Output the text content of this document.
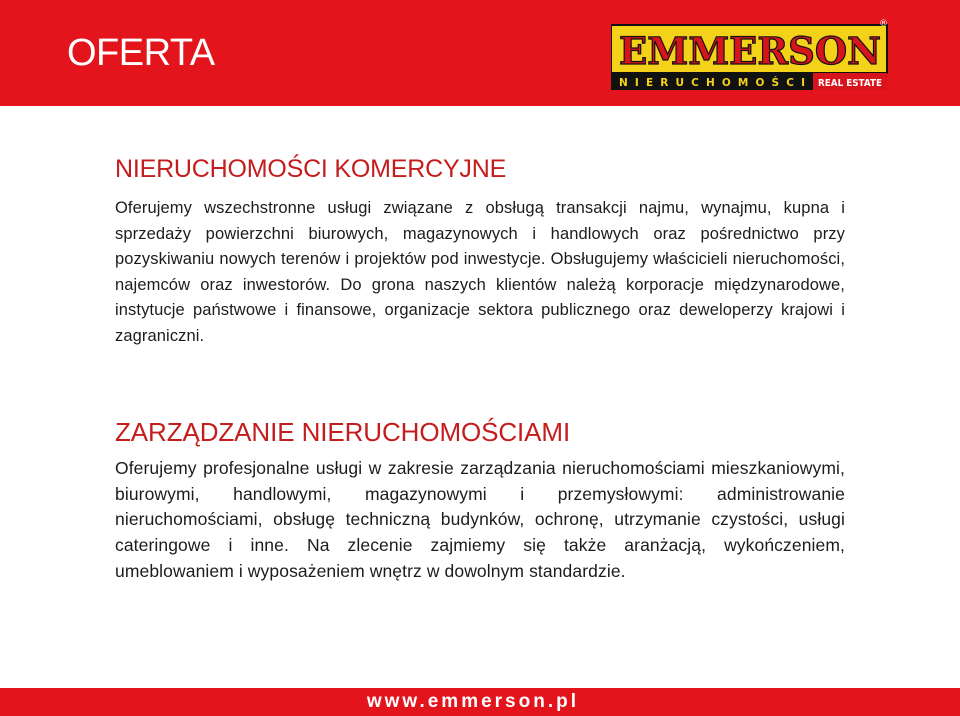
OFERTA	EMMERSON
NIERUCHOMOŚCI REAL ESTATE
®
NIERUCHOMOŚCI KOMERCYJNE

Oferujemy wszechstronne usługi związane z obsługą transakcji najmu, wynajmu, kupna i sprzedaży powierzchni biurowych, magazynowych i handlowych oraz pośrednictwo przy pozyskiwaniu nowych terenów i projektów pod inwestycje. Obsługujemy właścicieli nieruchomości, najemców oraz inwestorów. Do grona naszych klientów należą korporacje międzynarodowe, instytucje państwowe i finansowe, organizacje sektora publicznego oraz deweloperzy krajowi i zagraniczni.

ZARZĄDZANIE NIERUCHOMOŚCIAMI

Oferujemy profesjonalne usługi w zakresie zarządzania nieruchomościami mieszkaniowymi, biurowymi, handlowymi, magazynowymi i przemysłowymi: administrowanie nieruchomościami, obsługę techniczną budynków, ochronę, utrzymanie czystości, usługi cateringowe i inne. Na zlecenie zajmiemy się także aranżacją, wykończeniem, umeblowaniem i wyposażeniem wnętrz w dowolnym standardzie.

www.emmerson.pl
